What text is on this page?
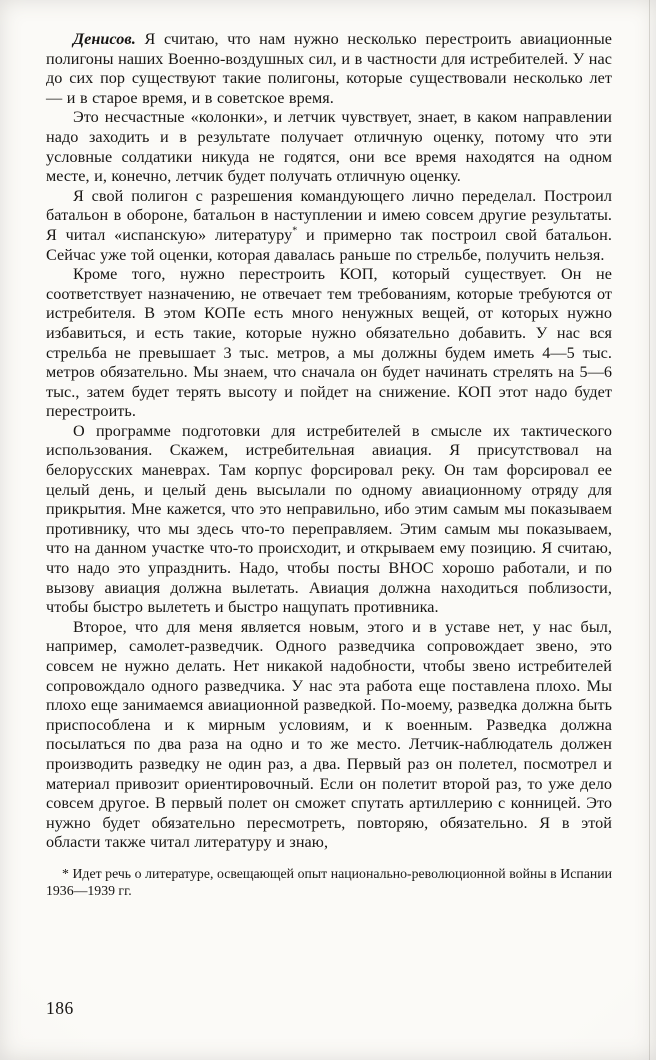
Денисов. Я считаю, что нам нужно несколько перестроить авиационные полигоны наших Военно-воздушных сил, и в частности для истребителей. У нас до сих пор существуют такие полигоны, которые существовали несколько лет — и в старое время, и в советское время.

Это несчастные «колонки», и летчик чувствует, знает, в каком направлении надо заходить и в результате получает отличную оценку, потому что эти условные солдатики никуда не годятся, они все время находятся на одном месте, и, конечно, летчик будет получать отличную оценку.

Я свой полигон с разрешения командующего лично переделал. Построил батальон в обороне, батальон в наступлении и имею совсем другие результаты. Я читал «испанскую» литературу* и примерно так построил свой батальон. Сейчас уже той оценки, которая давалась раньше по стрельбе, получить нельзя.

Кроме того, нужно перестроить КОП, который существует. Он не соответствует назначению, не отвечает тем требованиям, которые требуются от истребителя. В этом КОПе есть много ненужных вещей, от которых нужно избавиться, и есть такие, которые нужно обязательно добавить. У нас вся стрельба не превышает 3 тыс. метров, а мы должны будем иметь 4—5 тыс. метров обязательно. Мы знаем, что сначала он будет начинать стрелять на 5—6 тыс., затем будет терять высоту и пойдет на снижение. КОП этот надо будет перестроить.

О программе подготовки для истребителей в смысле их тактического использования. Скажем, истребительная авиация. Я присутствовал на белорусских маневрах. Там корпус форсировал реку. Он там форсировал ее целый день, и целый день высылали по одному авиационному отряду для прикрытия. Мне кажется, что это неправильно, ибо этим самым мы показываем противнику, что мы здесь что-то переправляем. Этим самым мы показываем, что на данном участке что-то происходит, и открываем ему позицию. Я считаю, что надо это упразднить. Надо, чтобы посты ВНОС хорошо работали, и по вызову авиация должна вылетать. Авиация должна находиться поблизости, чтобы быстро вылететь и быстро нащупать противника.

Второе, что для меня является новым, этого и в уставе нет, у нас был, например, самолет-разведчик. Одного разведчика сопровождает звено, это совсем не нужно делать. Нет никакой надобности, чтобы звено истребителей сопровождало одного разведчика. У нас эта работа еще поставлена плохо. Мы плохо еще занимаемся авиационной разведкой. По-моему, разведка должна быть приспособлена и к мирным условиям, и к военным. Разведка должна посылаться по два раза на одно и то же место. Летчик-наблюдатель должен производить разведку не один раз, а два. Первый раз он полетел, посмотрел и материал привозит ориентировочный. Если он полетит второй раз, то уже дело совсем другое. В первый полет он сможет спутать артиллерию с конницей. Это нужно будет обязательно пересмотреть, повторяю, обязательно. Я в этой области также читал литературу и знаю,

* Идет речь о литературе, освещающей опыт национально-революционной войны в Испании 1936—1939 гг.

186
